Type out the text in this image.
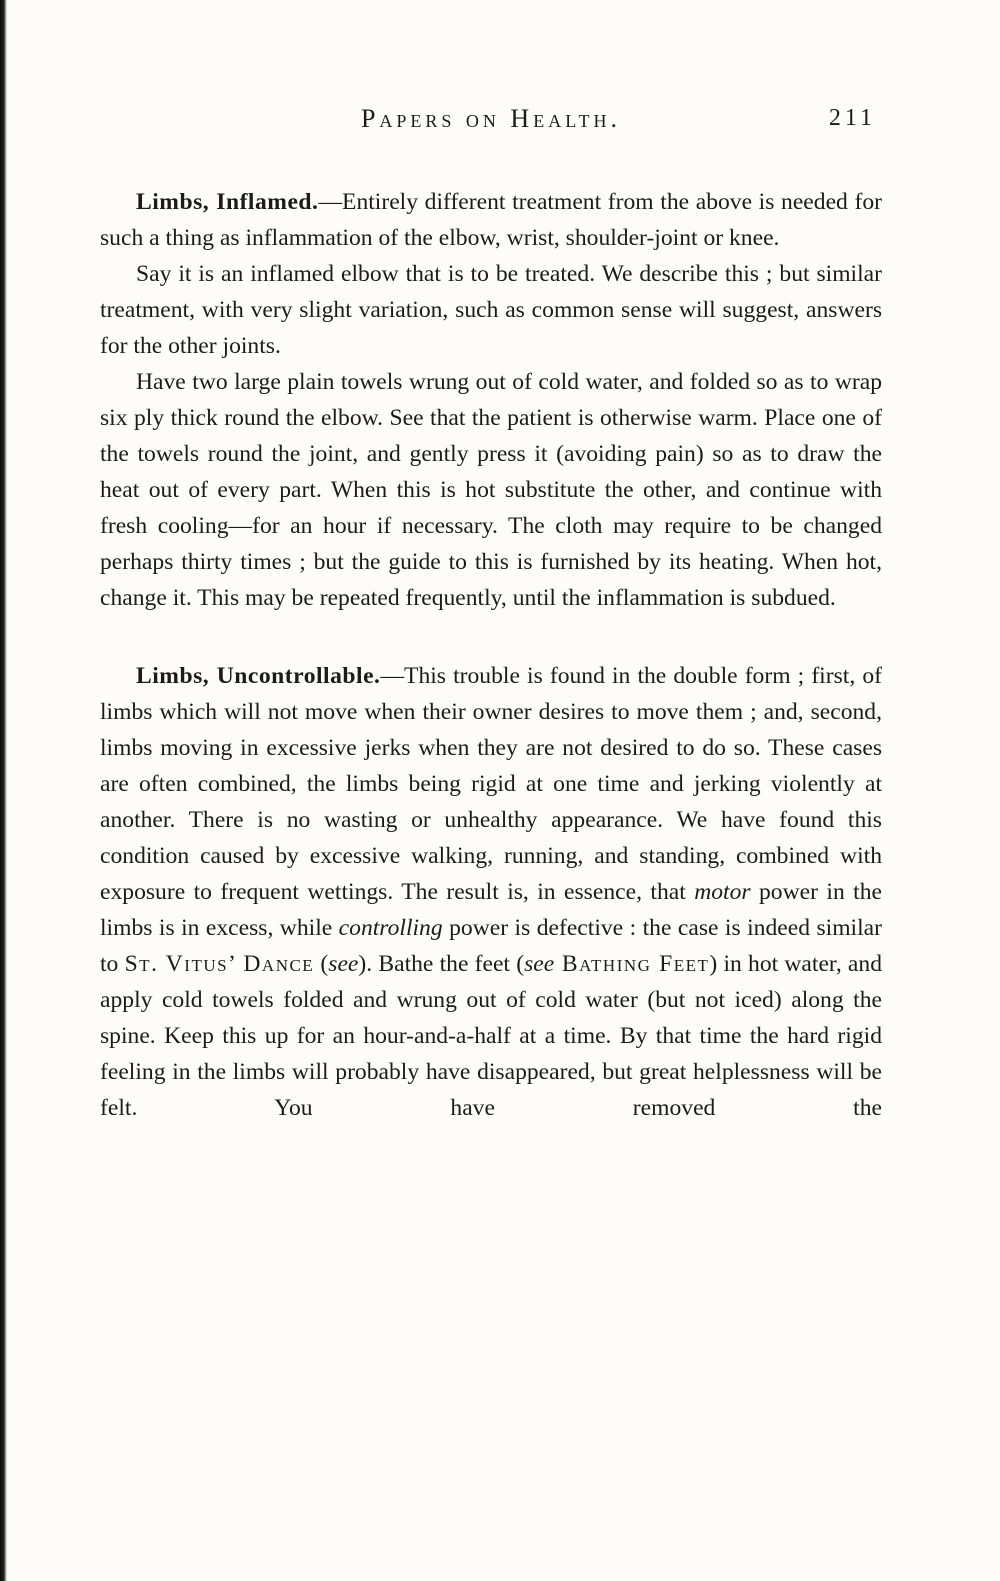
Papers on Health.	211

Limbs, Inflamed.—Entirely different treatment from the above is needed for such a thing as inflammation of the elbow, wrist, shoulder-joint or knee.

Say it is an inflamed elbow that is to be treated. We describe this ; but similar treatment, with very slight variation, such as common sense will suggest, answers for the other joints.

Have two large plain towels wrung out of cold water, and folded so as to wrap six ply thick round the elbow. See that the patient is otherwise warm. Place one of the towels round the joint, and gently press it (avoiding pain) so as to draw the heat out of every part. When this is hot substitute the other, and continue with fresh cooling—for an hour if necessary. The cloth may require to be changed perhaps thirty times ; but the guide to this is furnished by its heating. When hot, change it. This may be repeated frequently, until the inflammation is subdued.

Limbs, Uncontrollable.—This trouble is found in the double form ; first, of limbs which will not move when their owner desires to move them ; and, second, limbs moving in excessive jerks when they are not desired to do so. These cases are often combined, the limbs being rigid at one time and jerking violently at another. There is no wasting or unhealthy appearance. We have found this condition caused by excessive walking, running, and standing, combined with exposure to frequent wettings. The result is, in essence, that motor power in the limbs is in excess, while controlling power is defective : the case is indeed similar to St. Vitus’ Dance (see). Bathe the feet (see Bathing Feet) in hot water, and apply cold towels folded and wrung out of cold water (but not iced) along the spine. Keep this up for an hour-and-a-half at a time. By that time the hard rigid feeling in the limbs will probably have disappeared, but great helplessness will be felt. You have removed the
